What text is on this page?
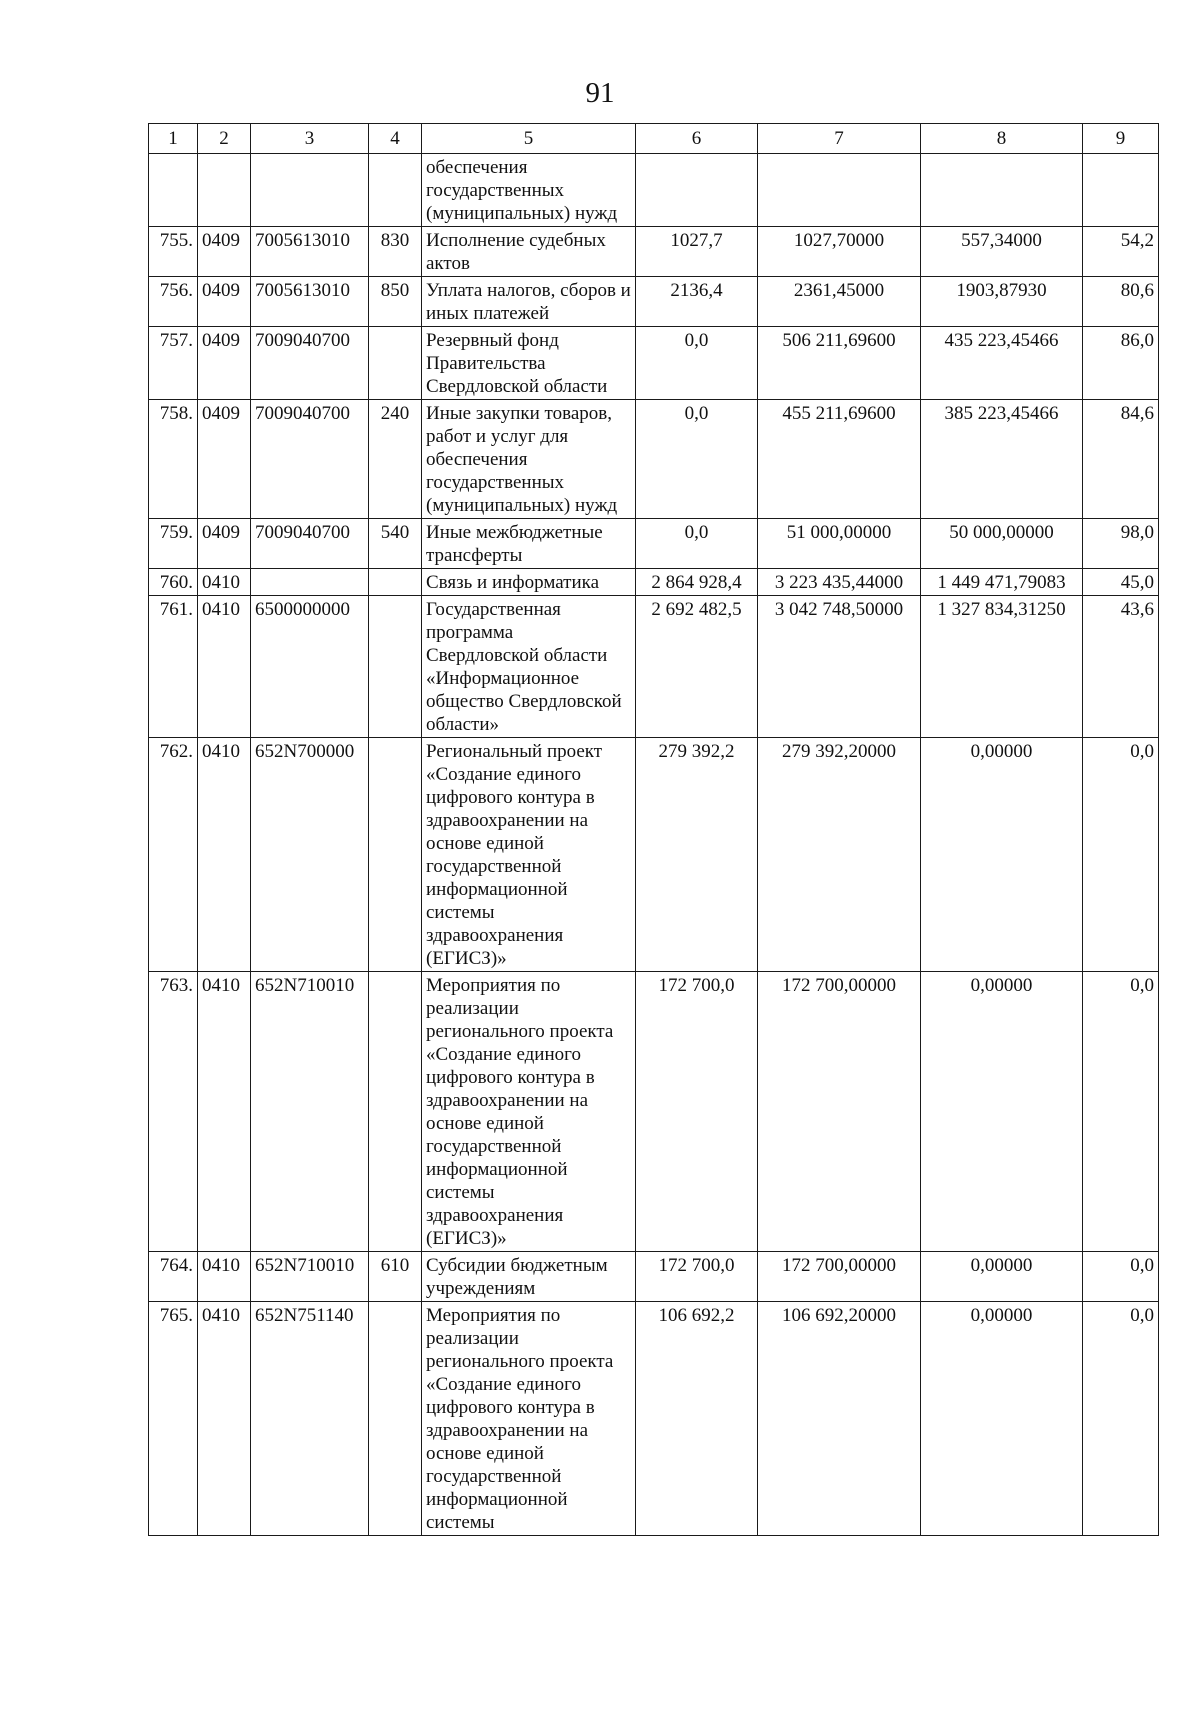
91
1	2	3	4	5	6	7	8	9
				обеспечения государственных (муниципальных) нужд				
755.	0409	7005613010	830	Исполнение судебных актов	1027,7	1027,70000	557,34000	54,2
756.	0409	7005613010	850	Уплата налогов, сборов и иных платежей	2136,4	2361,45000	1903,87930	80,6
757.	0409	7009040700		Резервный фонд Правительства Свердловской области	0,0	506 211,69600	435 223,45466	86,0
758.	0409	7009040700	240	Иные закупки товаров, работ и услуг для обеспечения государственных (муниципальных) нужд	0,0	455 211,69600	385 223,45466	84,6
759.	0409	7009040700	540	Иные межбюджетные трансферты	0,0	51 000,00000	50 000,00000	98,0
760.	0410			Связь и информатика	2 864 928,4	3 223 435,44000	1 449 471,79083	45,0
761.	0410	6500000000		Государственная программа Свердловской области «Информационное общество Свердловской области»	2 692 482,5	3 042 748,50000	1 327 834,31250	43,6
762.	0410	652N700000		Региональный проект «Создание единого цифрового контура в здравоохранении на основе единой государственной информационной системы здравоохранения (ЕГИСЗ)»	279 392,2	279 392,20000	0,00000	0,0
763.	0410	652N710010		Мероприятия по реализации регионального проекта «Создание единого цифрового контура в здравоохранении на основе единой государственной информационной системы здравоохранения (ЕГИСЗ)»	172 700,0	172 700,00000	0,00000	0,0
764.	0410	652N710010	610	Субсидии бюджетным учреждениям	172 700,0	172 700,00000	0,00000	0,0
765.	0410	652N751140		Мероприятия по реализации регионального проекта «Создание единого цифрового контура в здравоохранении на основе единой государственной информационной системы	106 692,2	106 692,20000	0,00000	0,0
